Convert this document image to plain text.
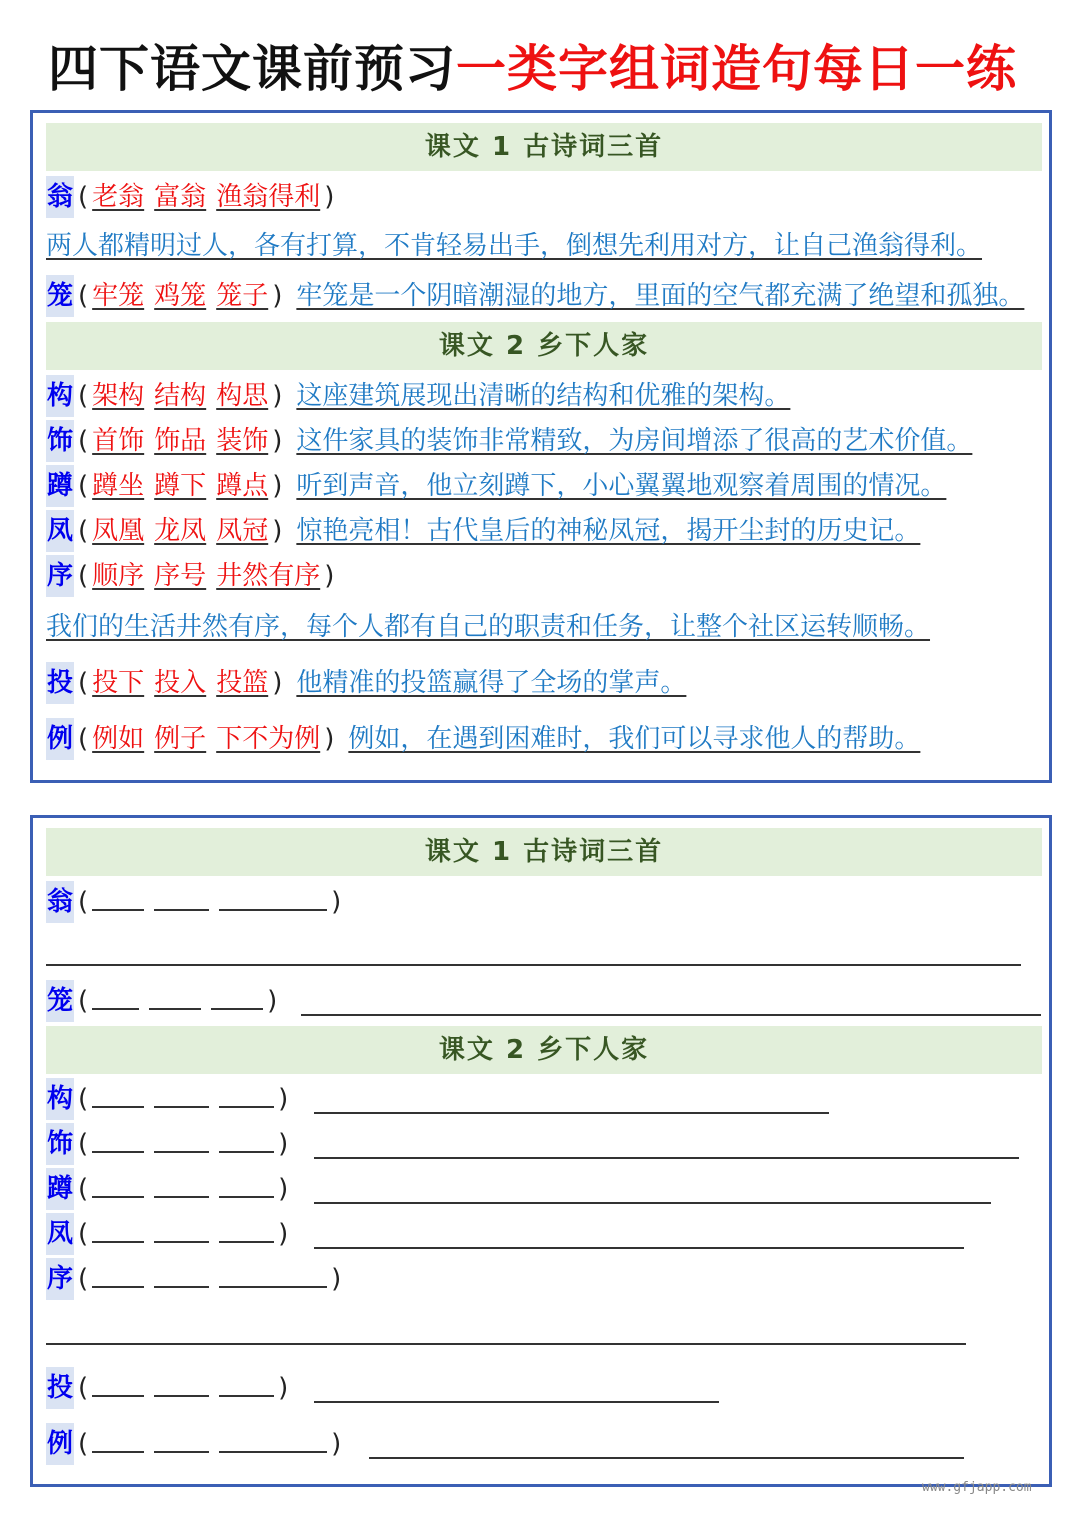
四下语文课前预习一类字组词造句每日一练
课文 1 古诗词三首
翁 ( 老翁 富翁 渔翁得利 )
两人都精明过人，各有打算，不肯轻易出手，倒想先利用对方，让自己渔翁得利。
笼 ( 牢笼 鸡笼 笼子 ) 牢笼是一个阴暗潮湿的地方，里面的空气都充满了绝望和孤独。
课文 2 乡下人家
构 ( 架构 结构 构思 ) 这座建筑展现出清晰的结构和优雅的架构。
饰 ( 首饰 饰品 装饰 ) 这件家具的装饰非常精致，为房间增添了很高的艺术价值。
蹲 ( 蹲坐 蹲下 蹲点 ) 听到声音，他立刻蹲下，小心翼翼地观察着周围的情况。
凤 ( 凤凰 龙凤 凤冠 ) 惊艳亮相！古代皇后的神秘凤冠，揭开尘封的历史记。
序 ( 顺序 序号 井然有序 )
我们的生活井然有序，每个人都有自己的职责和任务，让整个社区运转顺畅。
投 ( 投下 投入 投篮 ) 他精准的投篮赢得了全场的掌声。
例 ( 例如 例子 下不为例 ) 例如，在遇到困难时，我们可以寻求他人的帮助。
课文 1 古诗词三首
翁 (	)
笼 (	)
课文 2 乡下人家
构 (	)
饰 (	)
蹲 (	)
凤 (	)
序 (	)
投 (	)
例 (	)
www.gfjapp.com
